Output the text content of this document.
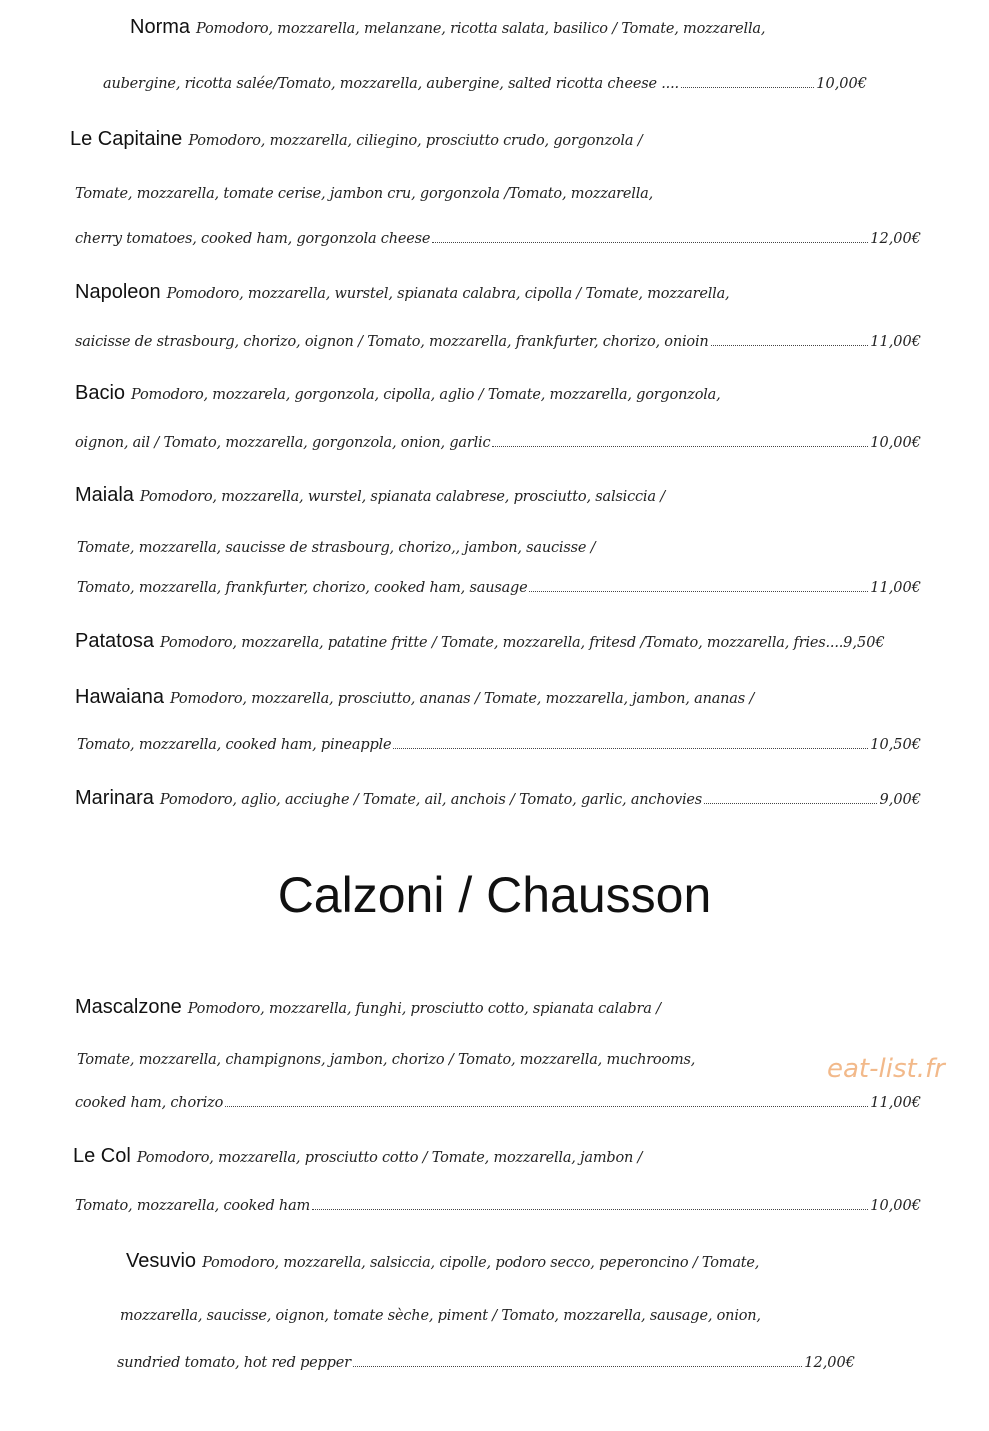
Norma Pomodoro, mozzarella, melanzane, ricotta salata, basilico / Tomate, mozzarella,
aubergine, ricotta salée/Tomato, mozzarella, aubergine, salted ricotta cheese ....	10,00€
Le Capitaine Pomodoro, mozzarella, ciliegino, prosciutto crudo, gorgonzola /
Tomate, mozzarella, tomate cerise, jambon cru, gorgonzola /Tomato, mozzarella,
cherry tomatoes, cooked ham, gorgonzola cheese	12,00€
Napoleon Pomodoro, mozzarella, wurstel, spianata calabra, cipolla / Tomate, mozzarella,
saicisse de strasbourg, chorizo, oignon / Tomato, mozzarella, frankfurter, chorizo, onioin	11,00€
Bacio Pomodoro, mozzarela, gorgonzola, cipolla, aglio / Tomate, mozzarella, gorgonzola,
oignon, ail / Tomato, mozzarella, gorgonzola, onion, garlic	10,00€
Maiala Pomodoro, mozzarella, wurstel, spianata calabrese, prosciutto, salsiccia /
Tomate, mozzarella, saucisse de strasbourg, chorizo,, jambon, saucisse /
Tomato, mozzarella, frankfurter, chorizo, cooked ham, sausage	11,00€
Patatosa Pomodoro, mozzarella, patatine fritte / Tomate, mozzarella, fritesd /Tomato, mozzarella, fries.... 9,50€
Hawaiana Pomodoro, mozzarella, prosciutto, ananas / Tomate, mozzarella, jambon, ananas /
Tomato, mozzarella, cooked ham, pineapple	10,50€
Marinara Pomodoro, aglio, acciughe / Tomate, ail, anchois / Tomato, garlic, anchovies	9,00€
Calzoni / Chausson
Mascalzone Pomodoro, mozzarella, funghi, prosciutto cotto, spianata calabra /
Tomate, mozzarella, champignons, jambon, chorizo / Tomato, mozzarella, muchrooms,
cooked ham, chorizo	11,00€
Le Col Pomodoro, mozzarella, prosciutto cotto / Tomate, mozzarella, jambon /
Tomato, mozzarella, cooked ham	10,00€
Vesuvio Pomodoro, mozzarella, salsiccia, cipolle, podoro secco, peperoncino / Tomate,
mozzarella, saucisse, oignon, tomate sèche, piment / Tomato, mozzarella, sausage, onion,
sundried tomato, hot red pepper	12,00€
eat-list.fr
